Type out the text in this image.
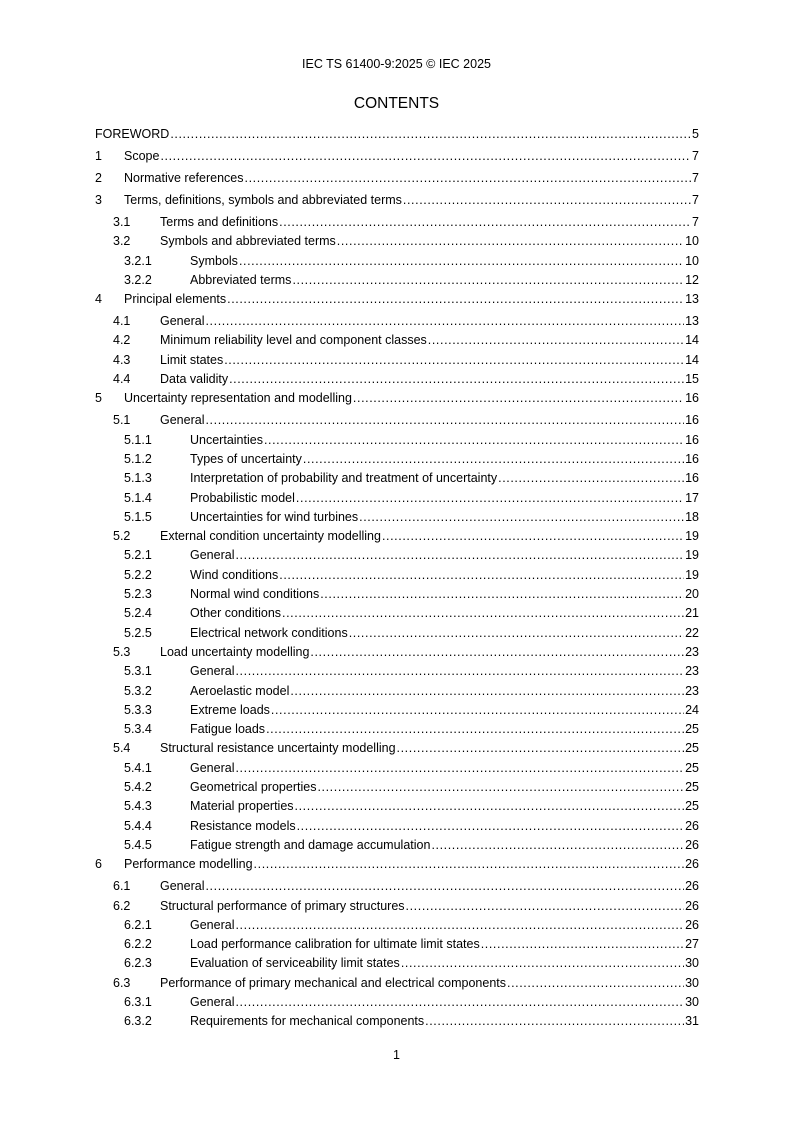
IEC TS 61400-9:2025 © IEC 2025
CONTENTS
FOREWORD .....	5
1	Scope .....	7
2	Normative references .....	7
3	Terms, definitions, symbols and abbreviated terms .....	7
3.1	Terms and definitions .....	7
3.2	Symbols and abbreviated terms .....	10
3.2.1	Symbols .....	10
3.2.2	Abbreviated terms .....	12
4	Principal elements .....	13
4.1	General .....	13
4.2	Minimum reliability level and component classes .....	14
4.3	Limit states .....	14
4.4	Data validity .....	15
5	Uncertainty representation and modelling .....	16
5.1	General .....	16
5.1.1	Uncertainties .....	16
5.1.2	Types of uncertainty .....	16
5.1.3	Interpretation of probability and treatment of uncertainty .....	16
5.1.4	Probabilistic model .....	17
5.1.5	Uncertainties for wind turbines .....	18
5.2	External condition uncertainty modelling .....	19
5.2.1	General .....	19
5.2.2	Wind conditions .....	19
5.2.3	Normal wind conditions .....	20
5.2.4	Other conditions .....	21
5.2.5	Electrical network conditions .....	22
5.3	Load uncertainty modelling .....	23
5.3.1	General .....	23
5.3.2	Aeroelastic model .....	23
5.3.3	Extreme loads .....	24
5.3.4	Fatigue loads .....	25
5.4	Structural resistance uncertainty modelling .....	25
5.4.1	General .....	25
5.4.2	Geometrical properties .....	25
5.4.3	Material properties .....	25
5.4.4	Resistance models .....	26
5.4.5	Fatigue strength and damage accumulation .....	26
6	Performance modelling .....	26
6.1	General .....	26
6.2	Structural performance of primary structures .....	26
6.2.1	General .....	26
6.2.2	Load performance calibration for ultimate limit states .....	27
6.2.3	Evaluation of serviceability limit states .....	30
6.3	Performance of primary mechanical and electrical components .....	30
6.3.1	General .....	30
6.3.2	Requirements for mechanical components .....	31
1
